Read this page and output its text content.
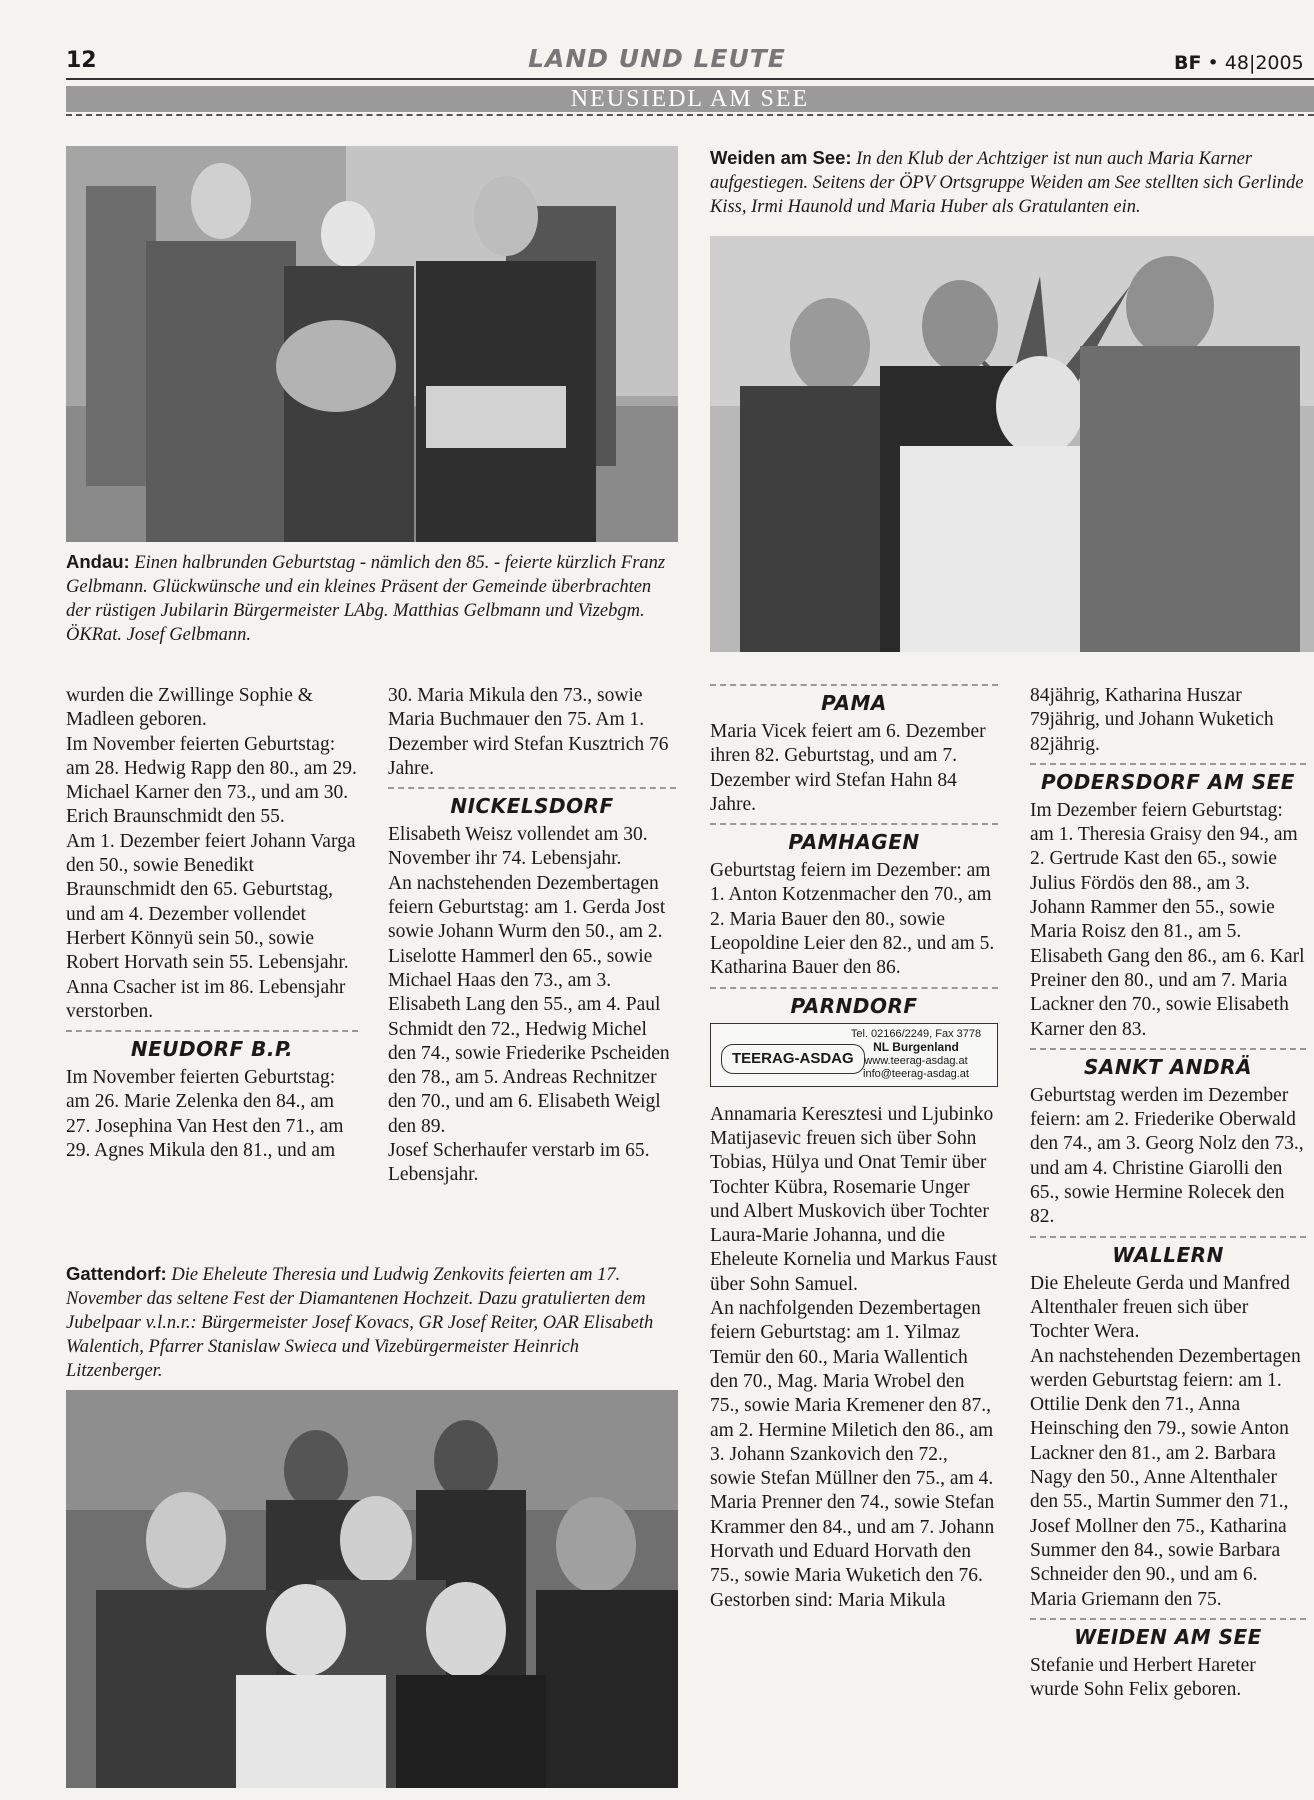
12	LAND UND LEUTE	BF • 48|2005
NEUSIEDL AM SEE
Andau: Einen halbrunden Geburtstag - nämlich den 85. - feierte kürzlich Franz Gelbmann. Glückwünsche und ein kleines Präsent der Gemeinde überbrachten der rüstigen Jubilarin Bürgermeister LAbg. Matthias Gelbmann und Vizebgm. ÖKRat. Josef Gelbmann.
Weiden am See: In den Klub der Achtziger ist nun auch Maria Karner aufgestiegen. Seitens der ÖPV Ortsgruppe Weiden am See stellten sich Gerlinde Kiss, Irmi Haunold und Maria Huber als Gratulanten ein.

wurden die Zwillinge Sophie & Madleen geboren.

Im November feierten Geburtstag: am 28. Hedwig Rapp den 80., am 29. Michael Karner den 73., und am 30. Erich Braunschmidt den 55.

Am 1. Dezember feiert Johann Varga den 50., sowie Benedikt Braunschmidt den 65. Geburtstag, und am 4. Dezember vollendet Herbert Könnyü sein 50., sowie Robert Horvath sein 55. Lebensjahr.

Anna Csacher ist im 86. Lebensjahr verstorben.

NEUDORF B.P.

Im November feierten Geburtstag: am 26. Marie Zelenka den 84., am 27. Josephina Van Hest den 71., am 29. Agnes Mikula den 81., und am

30. Maria Mikula den 73., sowie Maria Buchmauer den 75. Am 1. Dezember wird Stefan Kusztrich 76 Jahre.

NICKELSDORF

Elisabeth Weisz vollendet am 30. November ihr 74. Lebensjahr.

An nachstehenden Dezembertagen feiern Geburtstag: am 1. Gerda Jost sowie Johann Wurm den 50., am 2. Liselotte Hammerl den 65., sowie Michael Haas den 73., am 3. Elisabeth Lang den 55., am 4. Paul Schmidt den 72., Hedwig Michel den 74., sowie Friederike Pscheiden den 78., am 5. Andreas Rechnitzer den 70., und am 6. Elisabeth Weigl den 89.

Josef Scherhaufer verstarb im 65. Lebensjahr.

Gattendorf: Die Eheleute Theresia und Ludwig Zenkovits feierten am 17. November das seltene Fest der Diamantenen Hochzeit. Dazu gratulierten dem Jubelpaar v.l.n.r.: Bürgermeister Josef Kovacs, GR Josef Reiter, OAR Elisabeth Walentich, Pfarrer Stanislaw Swieca und Vizebürgermeister Heinrich Litzenberger.
PAMA

Maria Vicek feiert am 6. Dezember ihren 82. Geburtstag, und am 7. Dezember wird Stefan Hahn 84 Jahre.

PAMHAGEN

Geburtstag feiern im Dezember: am 1. Anton Kotzenmacher den 70., am 2. Maria Bauer den 80., sowie Leopoldine Leier den 82., und am 5. Katharina Bauer den 86.

PARNDORF
TEERAG-ASDAG
Tel. 02166/2249, Fax 3778
NL Burgenland
www.teerag-asdag.at
info@teerag-asdag.at

Annamaria Keresztesi und Ljubinko Matijasevic freuen sich über Sohn Tobias, Hülya und Onat Temir über Tochter Kübra, Rosemarie Unger und Albert Muskovich über Tochter Laura-Marie Johanna, und die Eheleute Kornelia und Markus Faust über Sohn Samuel.

An nachfolgenden Dezembertagen feiern Geburtstag: am 1. Yilmaz Temür den 60., Maria Wallentich den 70., Mag. Maria Wrobel den 75., sowie Maria Kremener den 87., am 2. Hermine Miletich den 86., am 3. Johann Szankovich den 72., sowie Stefan Müllner den 75., am 4. Maria Prenner den 74., sowie Stefan Krammer den 84., und am 7. Johann Horvath und Eduard Horvath den 75., sowie Maria Wuketich den 76.

Gestorben sind: Maria Mikula

84jährig, Katharina Huszar 79jährig, und Johann Wuketich 82jährig.

PODERSDORF AM SEE

Im Dezember feiern Geburtstag: am 1. Theresia Graisy den 94., am 2. Gertrude Kast den 65., sowie Julius Fördös den 88., am 3. Johann Rammer den 55., sowie Maria Roisz den 81., am 5. Elisabeth Gang den 86., am 6. Karl Preiner den 80., und am 7. Maria Lackner den 70., sowie Elisabeth Karner den 83.

SANKT ANDRÄ

Geburtstag werden im Dezember feiern: am 2. Friederike Oberwald den 74., am 3. Georg Nolz den 73., und am 4. Christine Giarolli den 65., sowie Hermine Rolecek den 82.

WALLERN

Die Eheleute Gerda und Manfred Altenthaler freuen sich über Tochter Wera.

An nachstehenden Dezembertagen werden Geburtstag feiern: am 1. Ottilie Denk den 71., Anna Heinsching den 79., sowie Anton Lackner den 81., am 2. Barbara Nagy den 50., Anne Altenthaler den 55., Martin Summer den 71., Josef Mollner den 75., Katharina Summer den 84., sowie Barbara Schneider den 90., und am 6. Maria Griemann den 75.

WEIDEN AM SEE

Stefanie und Herbert Hareter wurde Sohn Felix geboren.
